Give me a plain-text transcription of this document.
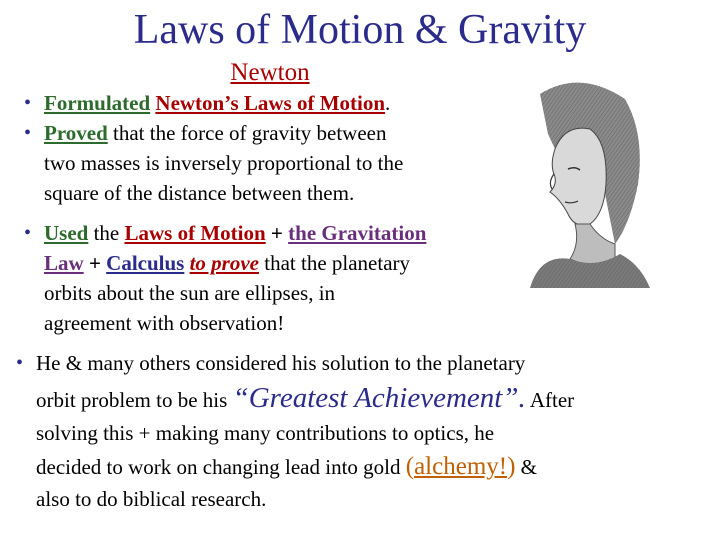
Laws of Motion & Gravity
Newton
• Formulated Newton’s Laws of Motion.
• Proved that the force of gravity between
two masses is inversely proportional to the
square of the distance between them.
• Used the Laws of Motion + the Gravitation
Law + Calculus to prove that the planetary
orbits about the sun are ellipses, in
agreement with observation!
• He & many others considered his solution to the planetary
orbit problem to be his “Greatest Achievement”. After
solving this + making many contributions to optics, he
decided to work on changing lead into gold (alchemy!) &
also to do biblical research.
